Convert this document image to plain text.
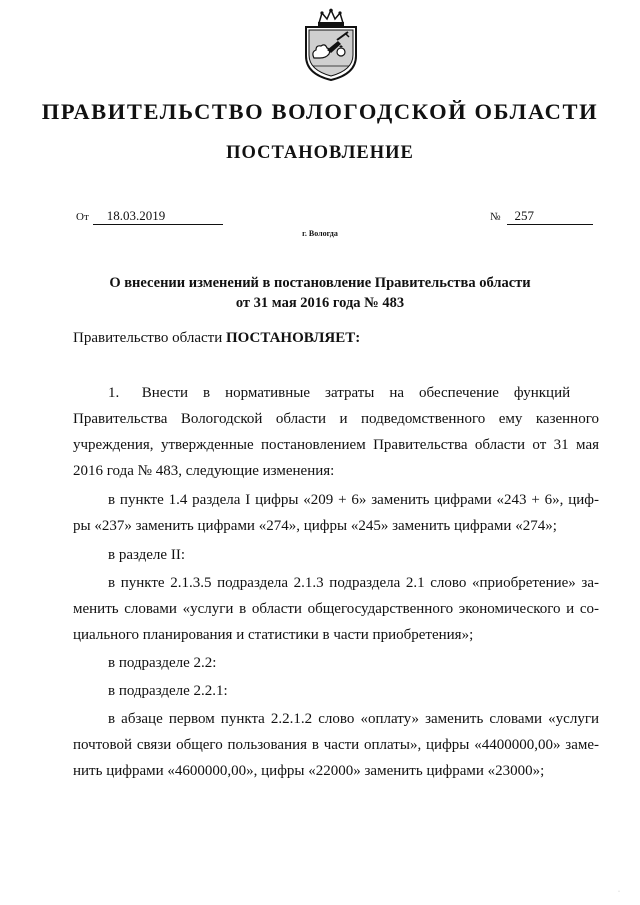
ПРАВИТЕЛЬСТВО ВОЛОГОДСКОЙ ОБЛАСТИ
ПОСТАНОВЛЕНИЕ
От 18.03.2019	№ 257

г. Вологда

О внесении изменений в постановление Правительства области
от 31 мая 2016 года № 483

Правительство области ПОСТАНОВЛЯЕТ:

1.      Внести    в    нормативные    затраты    на    обеспечение    функций
Правительства Вологодской области и подведомственного ему казенного
учреждения, утвержденные постановлением Правительства области от 31 мая
2016 года № 483, следующие изменения:
в пункте 1.4 раздела I цифры «209 + 6» заменить цифрами «243 + 6», циф-
ры «237» заменить цифрами «274», цифры «245» заменить цифрами «274»;
в разделе II:
в пункте 2.1.3.5 подраздела 2.1.3 подраздела 2.1 слово «приобретение» за-
менить словами «услуги в области общегосударственного экономического и со-
циального планирования и статистики в части приобретения»;
в подразделе 2.2:
в подразделе 2.2.1:
в абзаце первом пункта 2.2.1.2 слово «оплату» заменить словами «услуги
почтовой связи общего пользования в части оплаты», цифры «4400000,00» заме-
нить цифрами «4600000,00», цифры «22000» заменить цифрами «23000»;
·
